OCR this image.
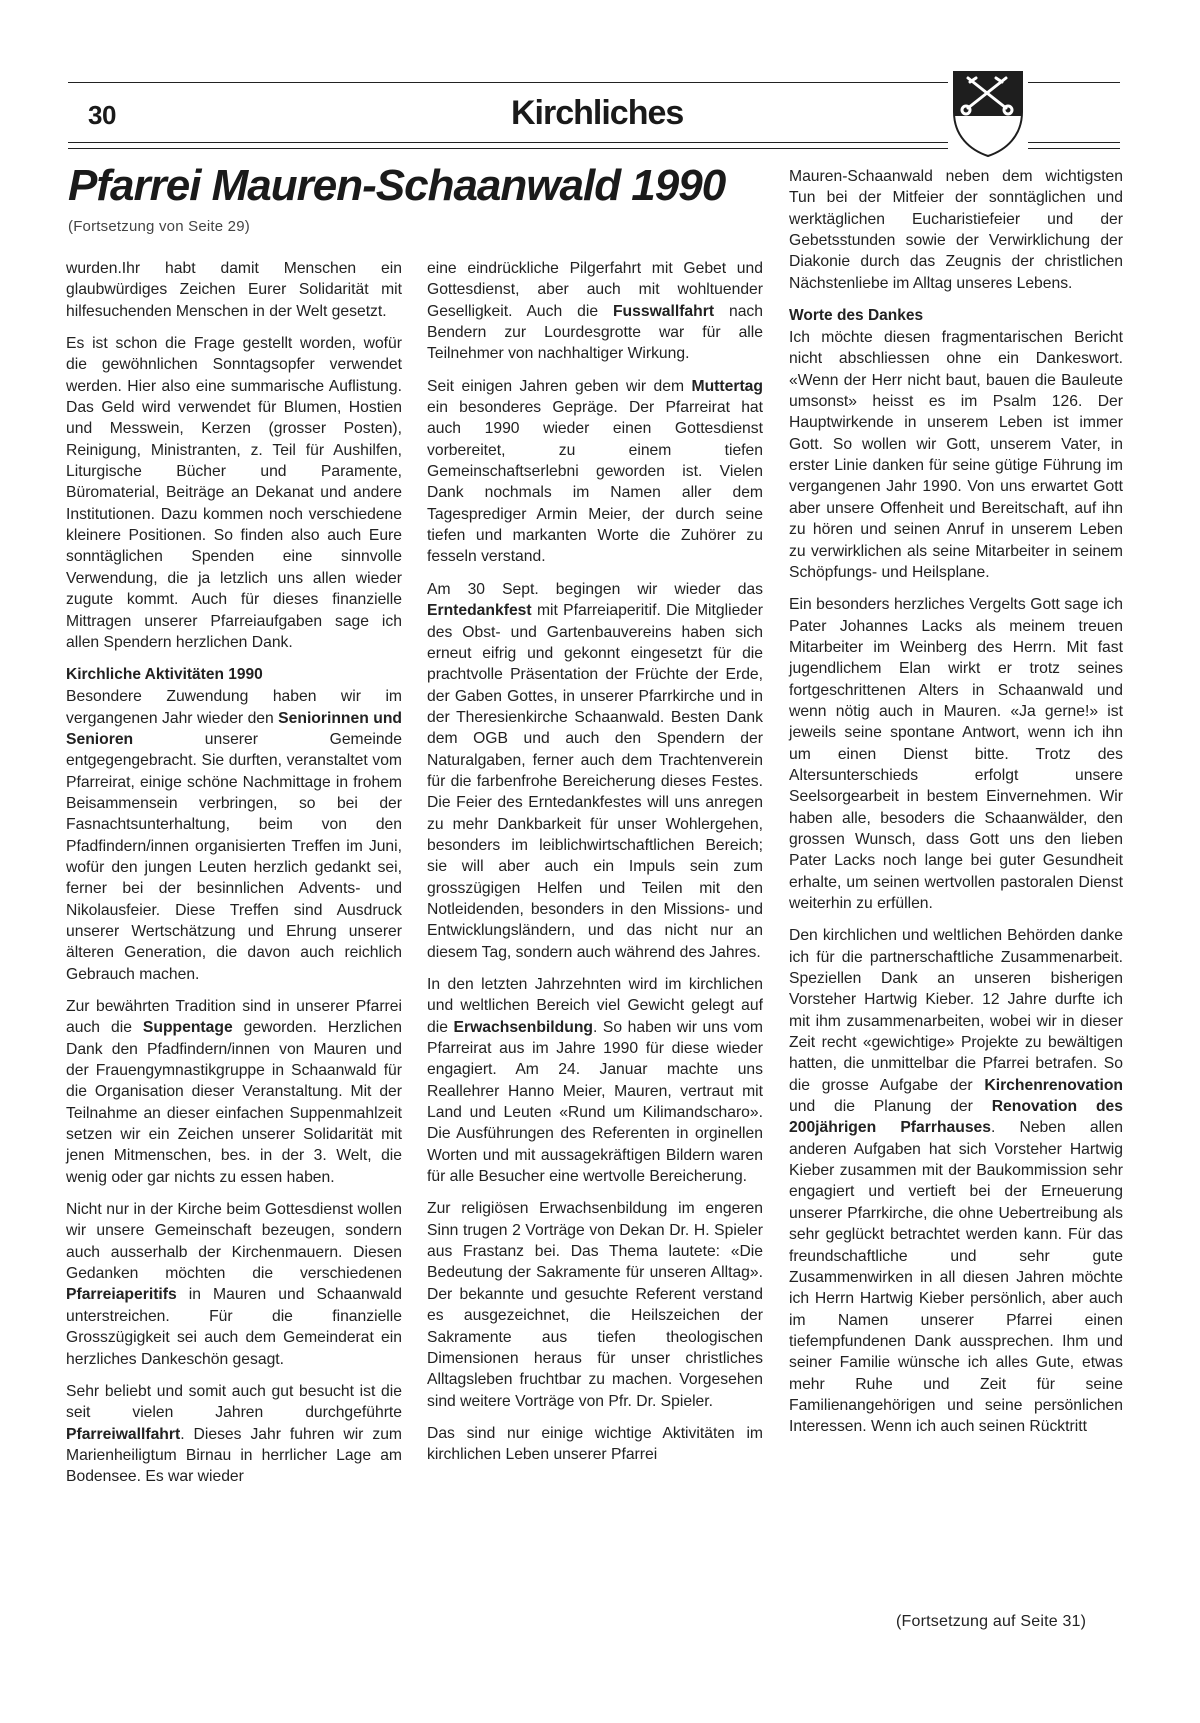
30	Kirchliches
Pfarrei Mauren-Schaanwald 1990
(Fortsetzung von Seite 29)

wurden.Ihr habt damit Menschen ein glaubwürdiges Zeichen Eurer Solidarität mit hilfesuchenden Menschen in der Welt gesetzt.

Es ist schon die Frage gestellt worden, wofür die gewöhnlichen Sonntagsopfer verwendet werden. Hier also eine summarische Auflistung. Das Geld wird verwendet für Blumen, Hostien und Messwein, Kerzen (grosser Posten), Reinigung, Ministranten, z. Teil für Aushilfen, Liturgische Bücher und Paramente, Büromaterial, Beiträge an Dekanat und andere Institutionen. Dazu kommen noch verschiedene kleinere Positionen. So finden also auch Eure sonntäglichen Spenden eine sinnvolle Verwendung, die ja letzlich uns allen wieder zugute kommt. Auch für dieses finanzielle Mittragen unserer Pfarreiaufgaben sage ich allen Spendern herzlichen Dank.

Kirchliche Aktivitäten 1990

Besondere Zuwendung haben wir im vergangenen Jahr wieder den Seniorinnen und Senioren unserer Gemeinde entgegengebracht. Sie durften, veranstaltet vom Pfarreirat, einige schöne Nachmittage in frohem Beisammensein verbringen, so bei der Fasnachtsunterhaltung, beim von den Pfadfindern/innen organisierten Treffen im Juni, wofür den jungen Leuten herzlich gedankt sei, ferner bei der besinnlichen Advents- und Nikolausfeier. Diese Treffen sind Ausdruck unserer Wertschätzung und Ehrung unserer älteren Generation, die davon auch reichlich Gebrauch machen.

Zur bewährten Tradition sind in unserer Pfarrei auch die Suppentage geworden. Herzlichen Dank den Pfadfindern/innen von Mauren und der Frauengymnastikgruppe in Schaanwald für die Organisation dieser Veranstaltung. Mit der Teilnahme an dieser einfachen Suppenmahlzeit setzen wir ein Zeichen unserer Solidarität mit jenen Mitmenschen, bes. in der 3. Welt, die wenig oder gar nichts zu essen haben.

Nicht nur in der Kirche beim Gottesdienst wollen wir unsere Gemeinschaft bezeugen, sondern auch ausserhalb der Kirchenmauern. Diesen Gedanken möchten die verschiedenen Pfarreiaperitifs in Mauren und Schaanwald unterstreichen. Für die finanzielle Grosszügigkeit sei auch dem Gemeinderat ein herzliches Dankeschön gesagt.

Sehr beliebt und somit auch gut besucht ist die seit vielen Jahren durchgeführte Pfarreiwallfahrt. Dieses Jahr fuhren wir zum Marienheiligtum Birnau in herrlicher Lage am Bodensee. Es war wieder

eine eindrückliche Pilgerfahrt mit Gebet und Gottesdienst, aber auch mit wohltuender Geselligkeit. Auch die Fusswallfahrt nach Bendern zur Lourdesgrotte war für alle Teilnehmer von nachhaltiger Wirkung.

Seit einigen Jahren geben wir dem Muttertag ein besonderes Gepräge. Der Pfarreirat hat auch 1990 wieder einen Gottesdienst vorbereitet, zu einem tiefen Gemeinschaftserlebni geworden ist. Vielen Dank nochmals im Namen aller dem Tagesprediger Armin Meier, der durch seine tiefen und markanten Worte die Zuhörer zu fesseln verstand.

Am 30 Sept. begingen wir wieder das Erntedankfest mit Pfarreiaperitif. Die Mitglieder des Obst- und Gartenbauvereins haben sich erneut eifrig und gekonnt eingesetzt für die prachtvolle Präsentation der Früchte der Erde, der Gaben Gottes, in unserer Pfarrkirche und in der Theresienkirche Schaanwald. Besten Dank dem OGB und auch den Spendern der Naturalgaben, ferner auch dem Trachtenverein für die farbenfrohe Bereicherung dieses Festes. Die Feier des Erntedankfestes will uns anregen zu mehr Dankbarkeit für unser Wohlergehen, besonders im leiblichwirtschaftlichen Bereich; sie will aber auch ein Impuls sein zum grosszügigen Helfen und Teilen mit den Notleidenden, besonders in den Missions- und Entwicklungsländern, und das nicht nur an diesem Tag, sondern auch während des Jahres.

In den letzten Jahrzehnten wird im kirchlichen und weltlichen Bereich viel Gewicht gelegt auf die Erwachsenbildung. So haben wir uns vom Pfarreirat aus im Jahre 1990 für diese wieder engagiert. Am 24. Januar machte uns Reallehrer Hanno Meier, Mauren, vertraut mit Land und Leuten «Rund um Kilimandscharo». Die Ausführungen des Referenten in orginellen Worten und mit aussagekräftigen Bildern waren für alle Besucher eine wertvolle Bereicherung.

Zur religiösen Erwachsenbildung im engeren Sinn trugen 2 Vorträge von Dekan Dr. H. Spieler aus Frastanz bei. Das Thema lautete: «Die Bedeutung der Sakramente für unseren Alltag». Der bekannte und gesuchte Referent verstand es ausgezeichnet, die Heilszeichen der Sakramente aus tiefen theologischen Dimensionen heraus für unser christliches Alltagsleben fruchtbar zu machen. Vorgesehen sind weitere Vorträge von Pfr. Dr. Spieler.

Das sind nur einige wichtige Aktivitäten im kirchlichen Leben unserer Pfarrei

Mauren-Schaanwald neben dem wichtigsten Tun bei der Mitfeier der sonntäglichen und werktäglichen Eucharistiefeier und der Gebetsstunden sowie der Verwirklichung der Diakonie durch das Zeugnis der christlichen Nächstenliebe im Alltag unseres Lebens.

Worte des Dankes

Ich möchte diesen fragmentarischen Bericht nicht abschliessen ohne ein Dankeswort. «Wenn der Herr nicht baut, bauen die Bauleute umsonst» heisst es im Psalm 126. Der Hauptwirkende in unserem Leben ist immer Gott. So wollen wir Gott, unserem Vater, in erster Linie danken für seine gütige Führung im vergangenen Jahr 1990. Von uns erwartet Gott aber unsere Offenheit und Bereitschaft, auf ihn zu hören und seinen Anruf in unserem Leben zu verwirklichen als seine Mitarbeiter in seinem Schöpfungs- und Heilsplane.

Ein besonders herzliches Vergelts Gott sage ich Pater Johannes Lacks als meinem treuen Mitarbeiter im Weinberg des Herrn. Mit fast jugendlichem Elan wirkt er trotz seines fortgeschrittenen Alters in Schaanwald und wenn nötig auch in Mauren. «Ja gerne!» ist jeweils seine spontane Antwort, wenn ich ihn um einen Dienst bitte. Trotz des Altersunterschieds erfolgt unsere Seelsorgearbeit in bestem Einvernehmen. Wir haben alle, besoders die Schaanwälder, den grossen Wunsch, dass Gott uns den lieben Pater Lacks noch lange bei guter Gesundheit erhalte, um seinen wertvollen pastoralen Dienst weiterhin zu erfüllen.

Den kirchlichen und weltlichen Behörden danke ich für die partnerschaftliche Zusammenarbeit. Speziellen Dank an unseren bisherigen Vorsteher Hartwig Kieber. 12 Jahre durfte ich mit ihm zusammenarbeiten, wobei wir in dieser Zeit recht «gewichtige» Projekte zu bewältigen hatten, die unmittelbar die Pfarrei betrafen. So die grosse Aufgabe der Kirchenrenovation und die Planung der Renovation des 200jährigen Pfarrhauses. Neben allen anderen Aufgaben hat sich Vorsteher Hartwig Kieber zusammen mit der Baukommission sehr engagiert und vertieft bei der Erneuerung unserer Pfarrkirche, die ohne Uebertreibung als sehr geglückt betrachtet werden kann. Für das freundschaftliche und sehr gute Zusammenwirken in all diesen Jahren möchte ich Herrn Hartwig Kieber persönlich, aber auch im Namen unserer Pfarrei einen tiefempfundenen Dank aussprechen. Ihm und seiner Familie wünsche ich alles Gute, etwas mehr Ruhe und Zeit für seine Familienangehörigen und seine persönlichen Interessen. Wenn ich auch seinen Rücktritt

(Fortsetzung auf Seite 31)
